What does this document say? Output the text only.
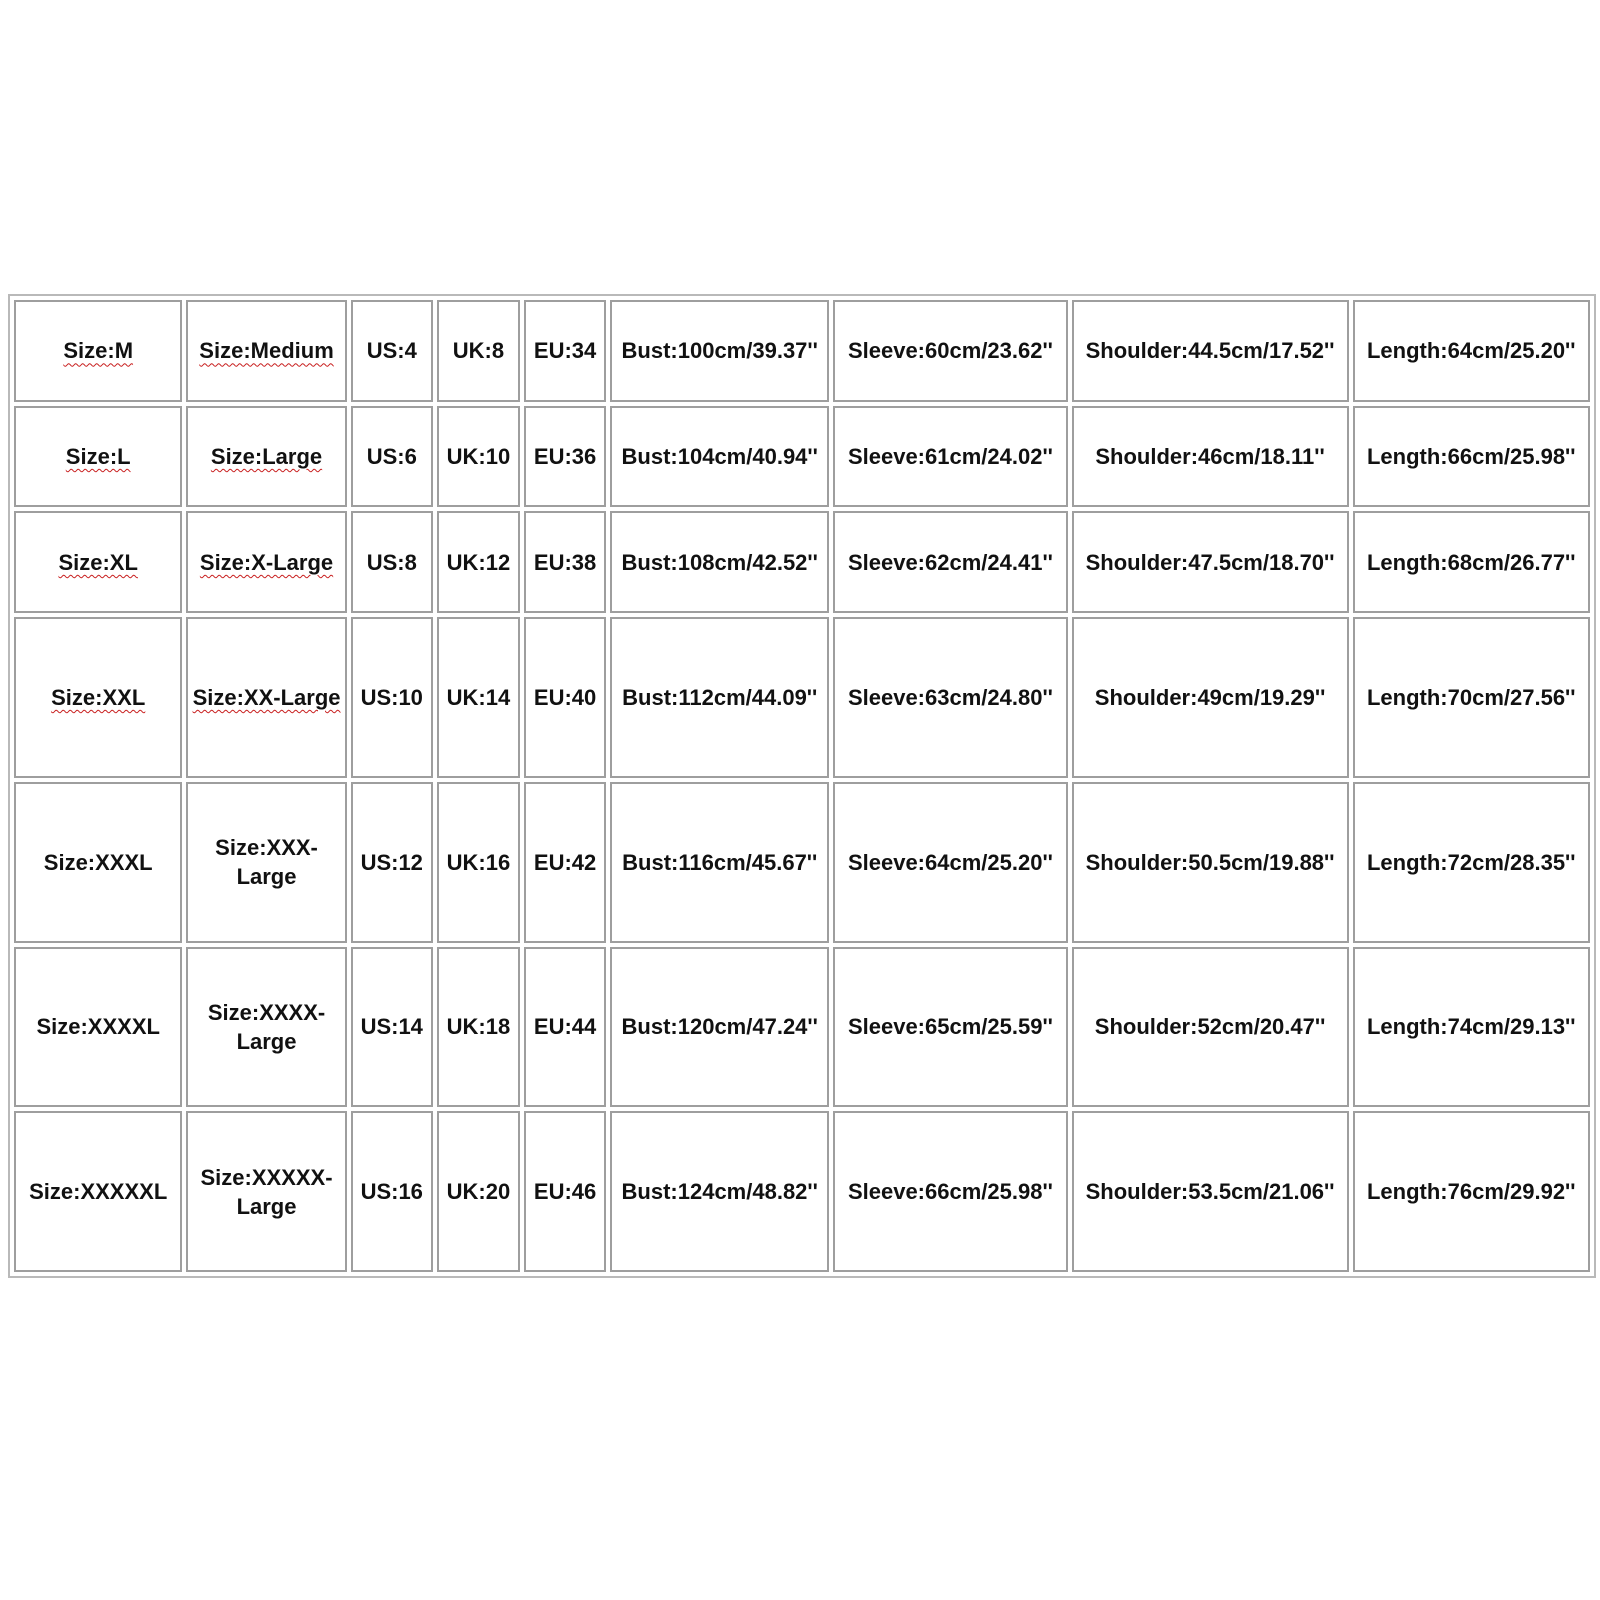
Size:M	Size:Medium	US:4	UK:8	EU:34	Bust:100cm/39.37''	Sleeve:60cm/23.62''	Shoulder:44.5cm/17.52''	Length:64cm/25.20''
Size:L	Size:Large	US:6	UK:10	EU:36	Bust:104cm/40.94''	Sleeve:61cm/24.02''	Shoulder:46cm/18.11''	Length:66cm/25.98''
Size:XL	Size:X-Large	US:8	UK:12	EU:38	Bust:108cm/42.52''	Sleeve:62cm/24.41''	Shoulder:47.5cm/18.70''	Length:68cm/26.77''
Size:XXL	Size:XX-Large	US:10	UK:14	EU:40	Bust:112cm/44.09''	Sleeve:63cm/24.80''	Shoulder:49cm/19.29''	Length:70cm/27.56''
Size:XXXL	Size:XXX-Large	US:12	UK:16	EU:42	Bust:116cm/45.67''	Sleeve:64cm/25.20''	Shoulder:50.5cm/19.88''	Length:72cm/28.35''
Size:XXXXL	Size:XXXX-Large	US:14	UK:18	EU:44	Bust:120cm/47.24''	Sleeve:65cm/25.59''	Shoulder:52cm/20.47''	Length:74cm/29.13''
Size:XXXXXL	Size:XXXXX-Large	US:16	UK:20	EU:46	Bust:124cm/48.82''	Sleeve:66cm/25.98''	Shoulder:53.5cm/21.06''	Length:76cm/29.92''
